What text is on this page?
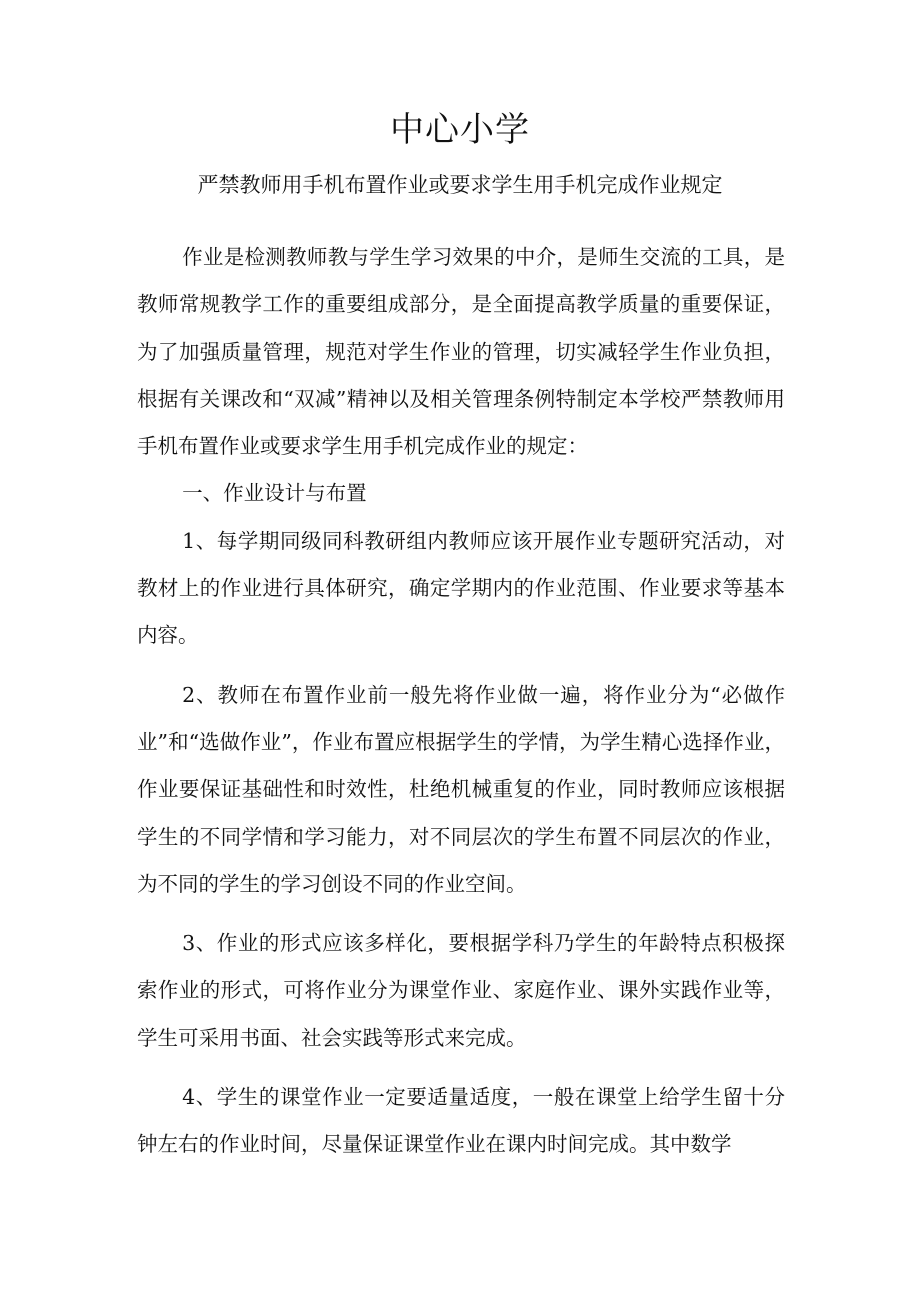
中心小学
严禁教师用手机布置作业或要求学生用手机完成作业规定

作业是检测教师教与学生学习效果的中介，是师生交流的工具，是教师常规教学工作的重要组成部分，是全面提高教学质量的重要保证，为了加强质量管理，规范对学生作业的管理，切实减轻学生作业负担，根据有关课改和“双减”精神以及相关管理条例特制定本学校严禁教师用手机布置作业或要求学生用手机完成作业的规定：

一、作业设计与布置

1、每学期同级同科教研组内教师应该开展作业专题研究活动，对教材上的作业进行具体研究，确定学期内的作业范围、作业要求等基本内容。

2、教师在布置作业前一般先将作业做一遍，将作业分为“必做作业”和“选做作业”，作业布置应根据学生的学情，为学生精心选择作业，作业要保证基础性和时效性，杜绝机械重复的作业，同时教师应该根据学生的不同学情和学习能力，对不同层次的学生布置不同层次的作业，为不同的学生的学习创设不同的作业空间。

3、作业的形式应该多样化，要根据学科乃学生的年龄特点积极探索作业的形式，可将作业分为课堂作业、家庭作业、课外实践作业等，学生可采用书面、社会实践等形式来完成。

4、学生的课堂作业一定要适量适度，一般在课堂上给学生留十分钟左右的作业时间，尽量保证课堂作业在课内时间完成。其中数学
